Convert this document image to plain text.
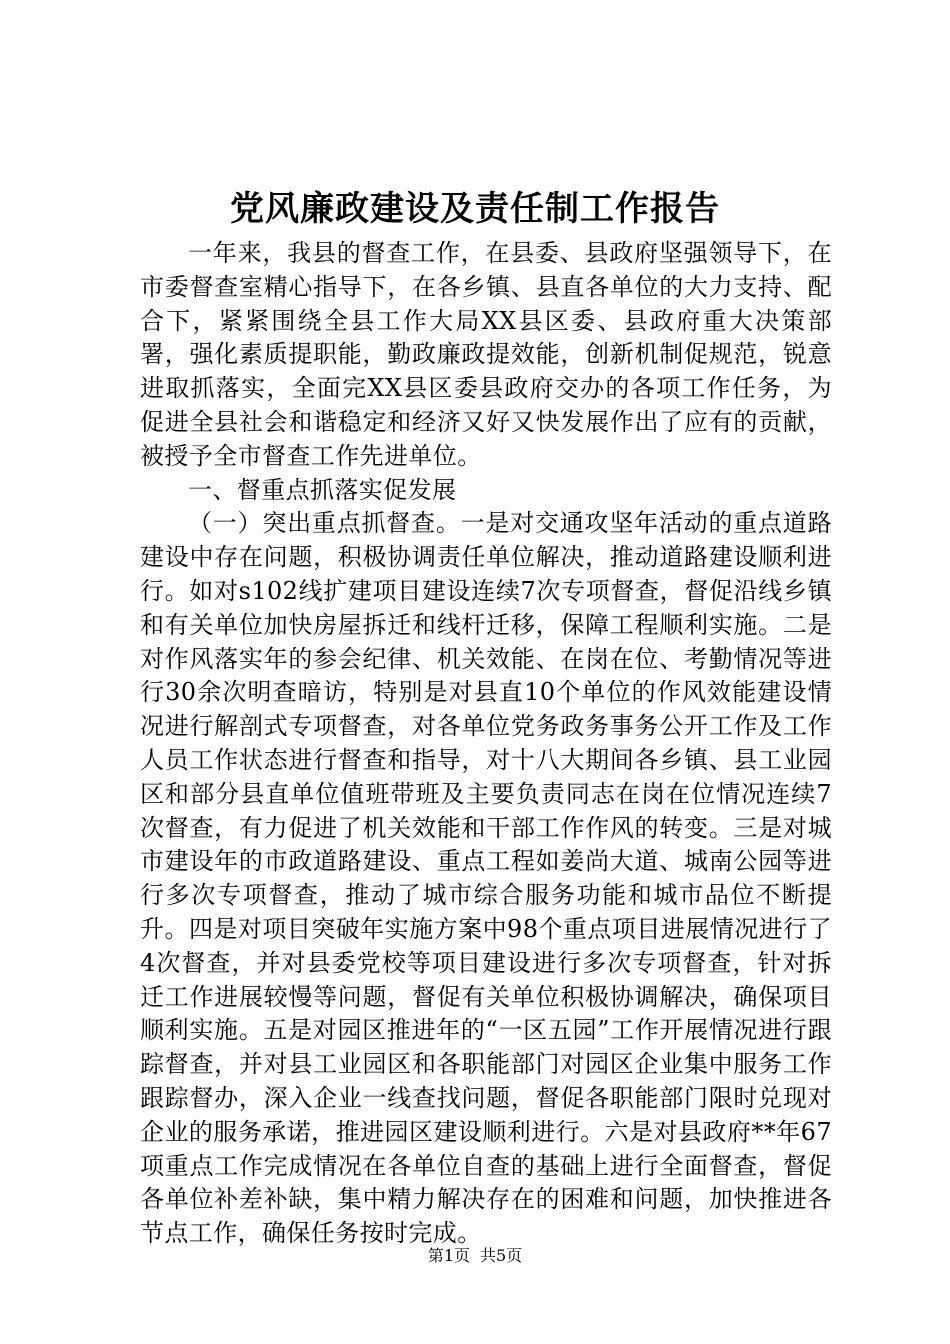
党风廉政建设及责任制工作报告

一年来，我县的督查工作，在县委、县政府坚强领导下，在市委督查室精心指导下，在各乡镇、县直各单位的大力支持、配合下，紧紧围绕全县工作大局XX县区委、县政府重大决策部署，强化素质提职能，勤政廉政提效能，创新机制促规范，锐意进取抓落实，全面完XX县区委县政府交办的各项工作任务，为促进全县社会和谐稳定和经济又好又快发展作出了应有的贡献，被授予全市督查工作先进单位。

一、督重点抓落实促发展

（一）突出重点抓督查。一是对交通攻坚年活动的重点道路建设中存在问题，积极协调责任单位解决，推动道路建设顺利进行。如对s102线扩建项目建设连续7次专项督查，督促沿线乡镇和有关单位加快房屋拆迁和线杆迁移，保障工程顺利实施。二是对作风落实年的参会纪律、机关效能、在岗在位、考勤情况等进行30余次明查暗访，特别是对县直10个单位的作风效能建设情况进行解剖式专项督查，对各单位党务政务事务公开工作及工作人员工作状态进行督查和指导，对十八大期间各乡镇、县工业园区和部分县直单位值班带班及主要负责同志在岗在位情况连续7次督查，有力促进了机关效能和干部工作作风的转变。三是对城市建设年的市政道路建设、重点工程如姜尚大道、城南公园等进行多次专项督查，推动了城市综合服务功能和城市品位不断提升。四是对项目突破年实施方案中98个重点项目进展情况进行了4次督查，并对县委党校等项目建设进行多次专项督查，针对拆迁工作进展较慢等问题，督促有关单位积极协调解决，确保项目顺利实施。五是对园区推进年的“一区五园”工作开展情况进行跟踪督查，并对县工业园区和各职能部门对园区企业集中服务工作跟踪督办，深入企业一线查找问题，督促各职能部门限时兑现对企业的服务承诺，推进园区建设顺利进行。六是对县政府**年67项重点工作完成情况在各单位自查的基础上进行全面督查，督促各单位补差补缺，集中精力解决存在的困难和问题，加快推进各节点工作，确保任务按时完成。

第1页 共5页
